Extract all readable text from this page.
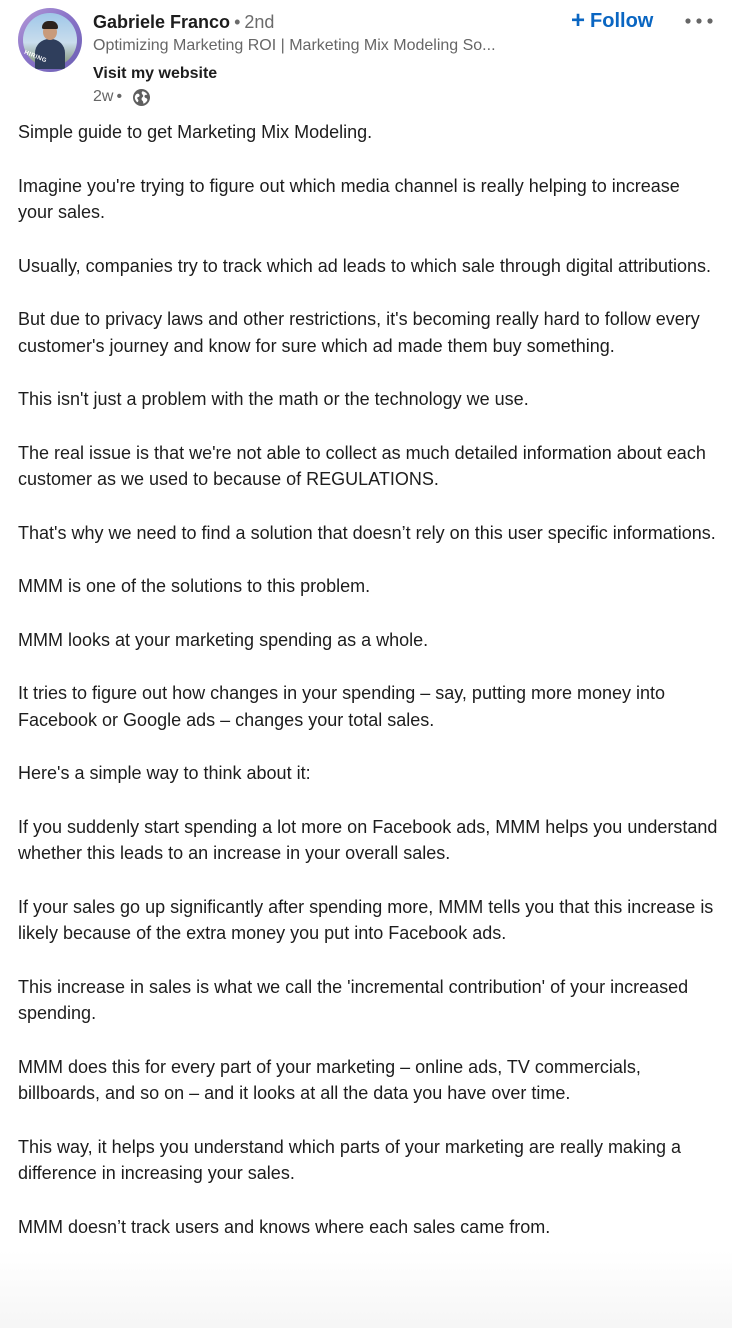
HIRING
Gabriele Franco • 2nd
Optimizing Marketing ROI | Marketing Mix Modeling So...
Visit my website
2w •
+ Follow

Simple guide to get Marketing Mix Modeling.

Imagine you're trying to figure out which media channel is really helping to increase your sales.

Usually, companies try to track which ad leads to which sale through digital attributions.

But due to privacy laws and other restrictions, it's becoming really hard to follow every customer's journey and know for sure which ad made them buy something.

This isn't just a problem with the math or the technology we use.

The real issue is that we're not able to collect as much detailed information about each customer as we used to because of REGULATIONS.

That's why we need to find a solution that doesn’t rely on this user specific informations.

MMM is one of the solutions to this problem.

MMM looks at your marketing spending as a whole.

It tries to figure out how changes in your spending – say, putting more money into Facebook or Google ads – changes your total sales.

Here's a simple way to think about it:

If you suddenly start spending a lot more on Facebook ads, MMM helps you understand whether this leads to an increase in your overall sales.

If your sales go up significantly after spending more, MMM tells you that this increase is likely because of the extra money you put into Facebook ads.

This increase in sales is what we call the 'incremental contribution' of your increased spending.

MMM does this for every part of your marketing – online ads, TV commercials, billboards, and so on – and it looks at all the data you have over time.

This way, it helps you understand which parts of your marketing are really making a difference in increasing your sales.

MMM doesn’t track users and knows where each sales came from.
